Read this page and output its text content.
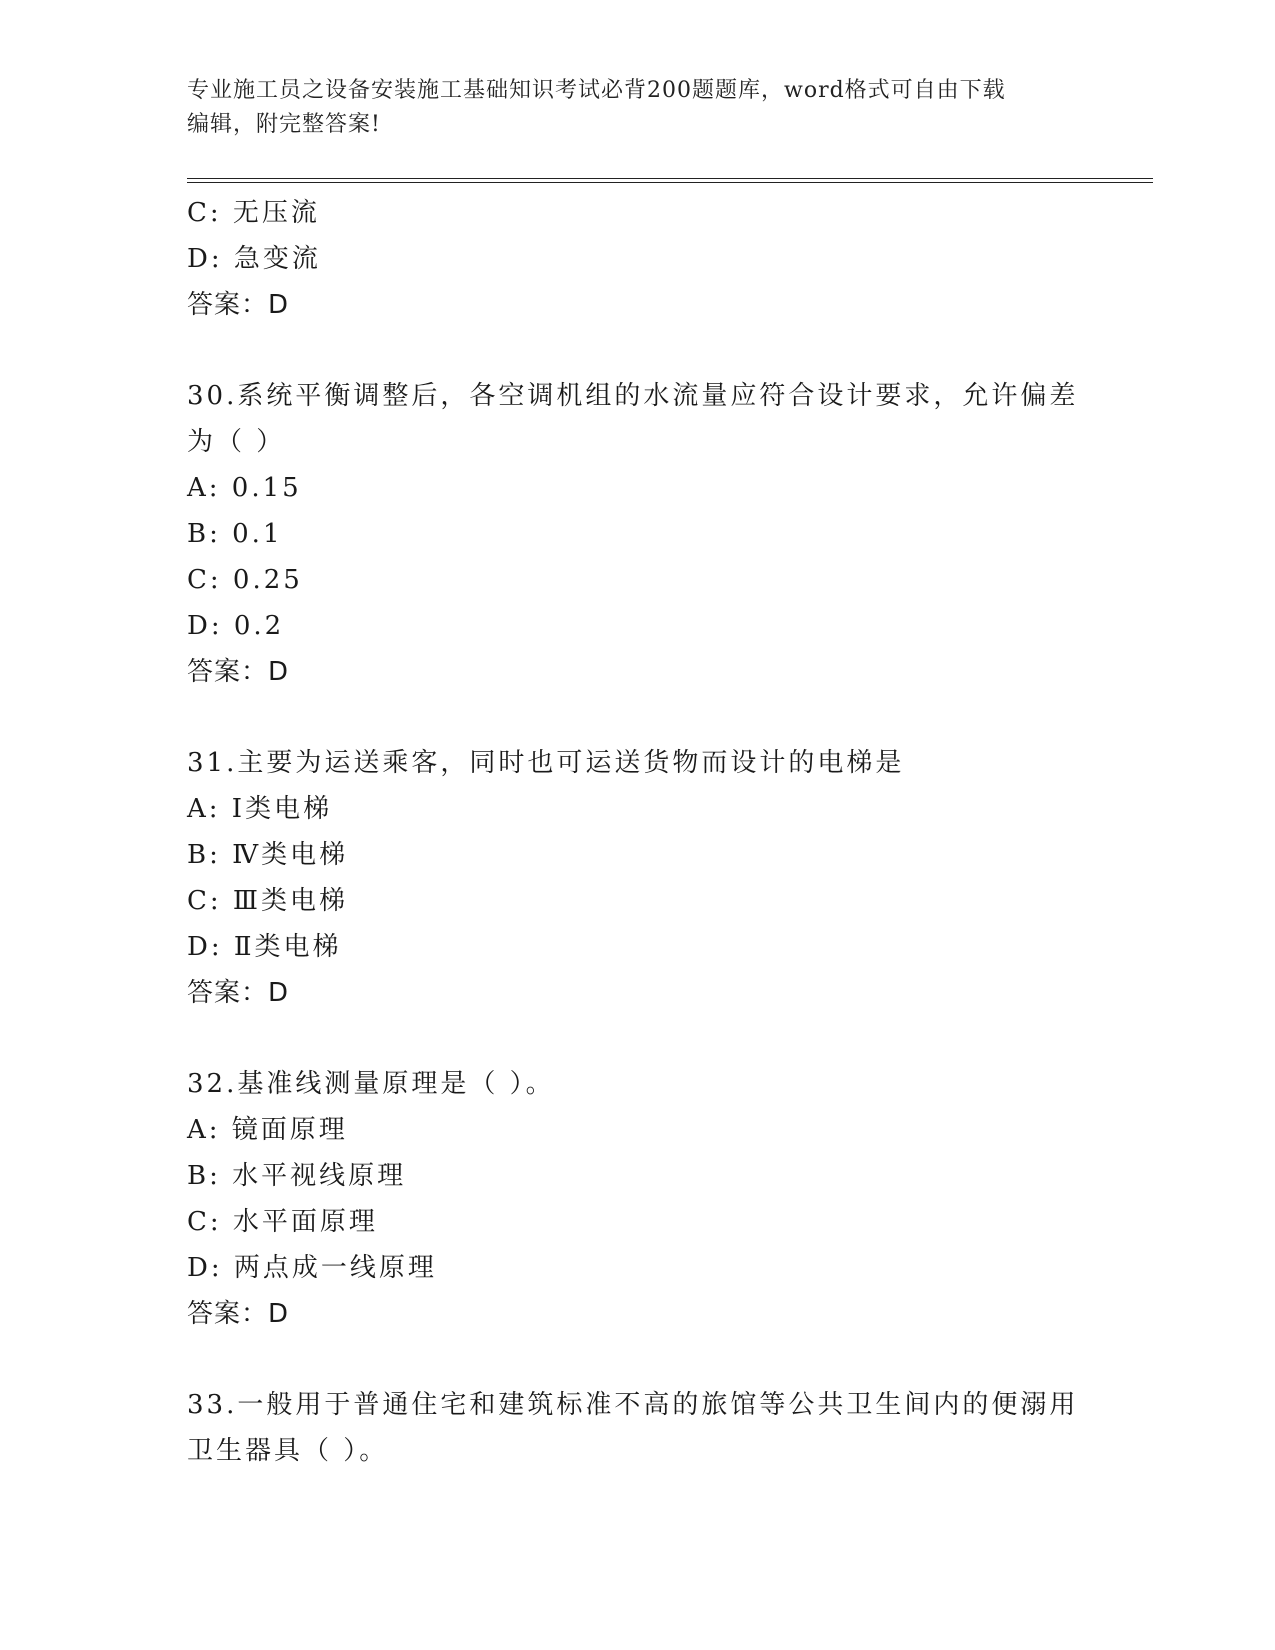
专业施工员之设备安装施工基础知识考试必背200题题库，word格式可自由下载
编辑，附完整答案!
C: 无压流
D: 急变流
答案：D
30.系统平衡调整后，各空调机组的水流量应符合设计要求，允许偏差
为（ ）
A: 0.15
B: 0.1
C: 0.25
D: 0.2
答案：D
31.主要为运送乘客，同时也可运送货物而设计的电梯是
A: Ⅰ类电梯
B: Ⅳ类电梯
C: Ⅲ类电梯
D: Ⅱ类电梯
答案：D
32.基准线测量原理是（ ）。
A: 镜面原理
B: 水平视线原理
C: 水平面原理
D: 两点成一线原理
答案：D
33.一般用于普通住宅和建筑标准不高的旅馆等公共卫生间内的便溺用
卫生器具（ ）。
